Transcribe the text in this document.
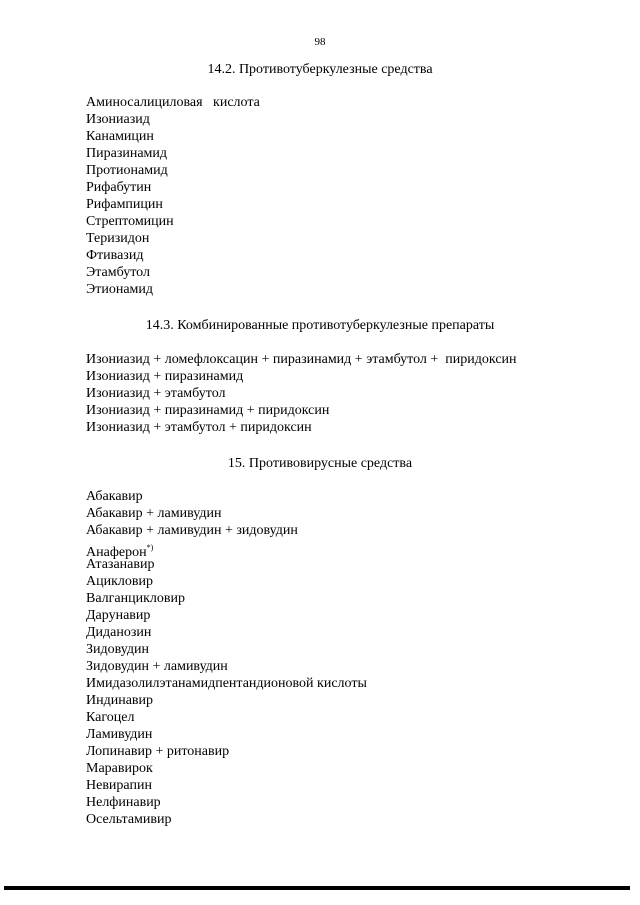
98
14.2. Противотуберкулезные средства
Аминосалициловая   кислота
Изониазид
Канамицин
Пиразинамид
Протионамид
Рифабутин
Рифампицин
Стрептомицин
Теризидон
Фтивазид
Этамбутол
Этионамид
14.3. Комбинированные противотуберкулезные препараты
Изониазид + ломефлоксацин + пиразинамид + этамбутол +  пиридоксин
Изониазид + пиразинамид
Изониазид + этамбутол
Изониазид + пиразинамид + пиридоксин
Изониазид + этамбутол + пиридоксин
15. Противовирусные средства
Абакавир
Абакавир + ламивудин
Абакавир + ламивудин + зидовудин
Анаферон*)
Атазанавир
Ацикловир
Валганцикловир
Дарунавир
Диданозин
Зидовудин
Зидовудин + ламивудин
Имидазолилэтанамидпентандионовой кислоты
Индинавир
Кагоцел
Ламивудин
Лопинавир + ритонавир
Маравирок
Невирапин
Нелфинавир
Осельтамивир
